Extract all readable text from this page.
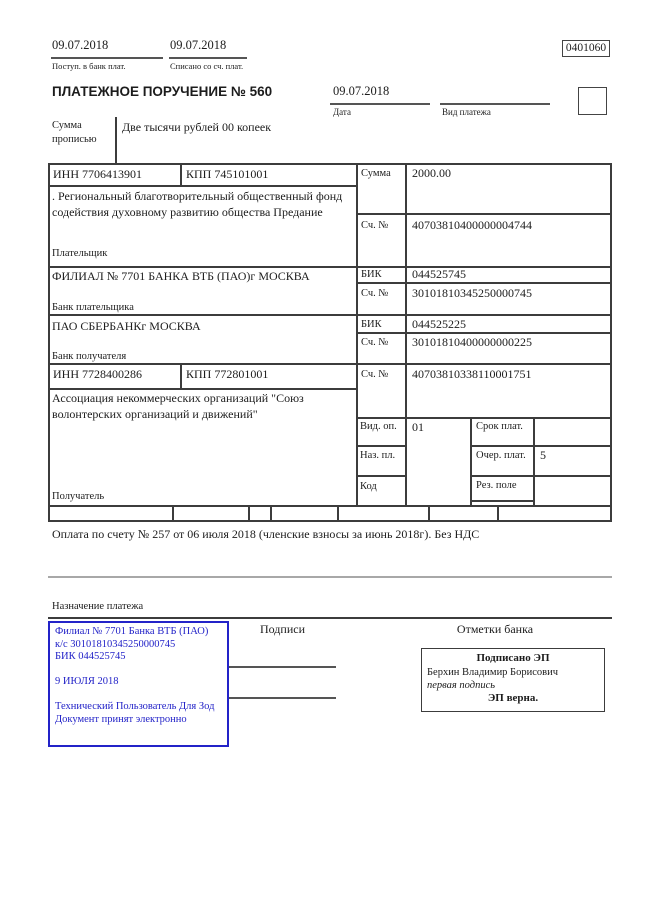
09.07.2018
Поступ. в банк плат.
09.07.2018
Списано со сч. плат.
0401060
ПЛАТЕЖНОЕ ПОРУЧЕНИЕ № 560	09.07.2018
Дата	Вид платежа
Сумма прописью
Две тысячи рублей 00 копеек
ИНН 7706413901	КПП 745101001	Сумма 2000.00
. Региональный благотворительный общественный фонд содействия духовному развитию общества Предание
Сч. № 40703810400000004744
Плательщик
ФИЛИАЛ № 7701 БАНКА ВТБ (ПАО)г МОСКВА	БИК	044525745
Сч. № 30101810345250000745
Банк плательщика
ПАО СБЕРБАНКг МОСКВА	БИК	044525225
Сч. № 30101810400000000225
Банк получателя
ИНН 7728400286	КПП 772801001	Сч. № 40703810338110001751
Ассоциация некоммерческих организаций "Союз волонтерских организаций и движений"
Вид. оп. 01	Срок плат.
Наз. пл.	Очер. плат. 5
Код	Рез. поле
Получатель
Оплата по счету № 257 от 06 июля 2018 (членские взносы за июнь 2018г). Без НДС
Назначение платежа
Филиал № 7701 Банка ВТБ (ПАО)
к/с 30101810345250000745
БИК 044525745
9 ИЮЛЯ 2018
Технический Пользователь Для Зод
Документ принят электронно
Подписи	Отметки банка
Подписано ЭП
Берхин Владимир Борисович
первая подпись
ЭП верна.
